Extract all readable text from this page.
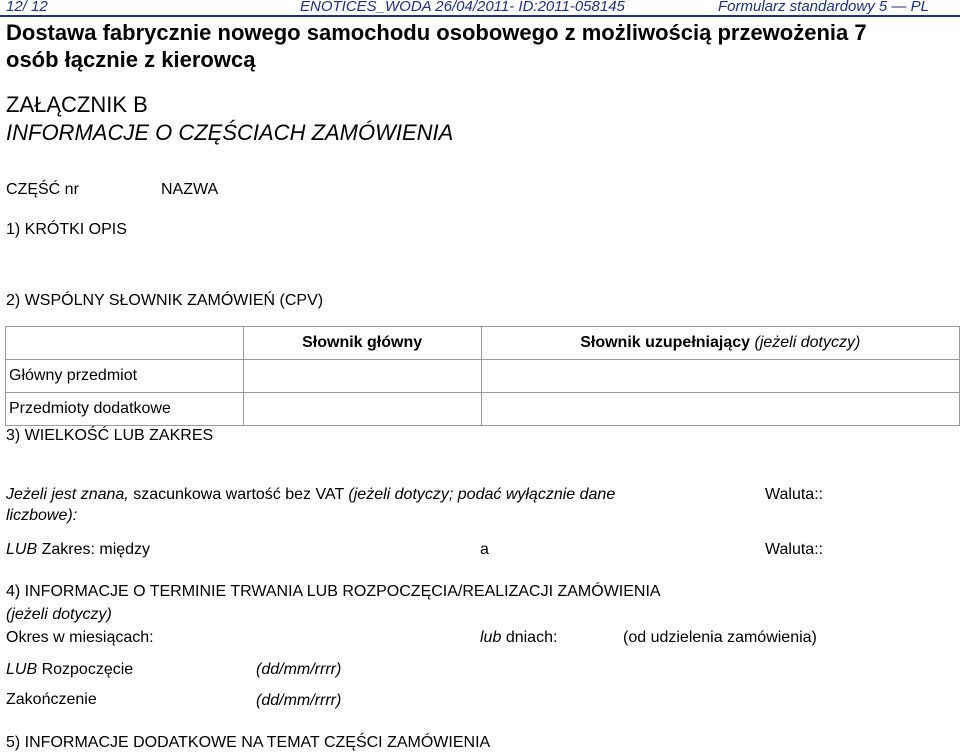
12/ 12	ENOTICES_WODA 26/04/2011- ID:2011-058145	Formularz standardowy 5 — PL
Dostawa fabrycznie nowego samochodu osobowego z możliwością przewożenia 7
osób łącznie z kierowcą
ZAŁĄCZNIK B
INFORMACJE O CZĘŚCIACH ZAMÓWIENIA
CZĘŚĆ nr	NAZWA
1) KRÓTKI OPIS
2) WSPÓLNY SŁOWNIK ZAMÓWIEŃ (CPV)
	Słownik główny	Słownik uzupełniający (jeżeli dotyczy)
Główny przedmiot		
Przedmioty dodatkowe		
3) WIELKOŚĆ LUB ZAKRES
Jeżeli jest znana, szacunkowa wartość bez VAT (jeżeli dotyczy; podać wyłącznie dane
liczbowe):
Waluta::
LUB Zakres: między	a	Waluta::
4) INFORMACJE O TERMINIE TRWANIA LUB ROZPOCZĘCIA/REALIZACJI ZAMÓWIENIA
(jeżeli dotyczy)
Okres w miesiącach:	lub dniach:	(od udzielenia zamówienia)
LUB Rozpoczęcie	(dd/mm/rrrr)
Zakończenie	(dd/mm/rrrr)
5) INFORMACJE DODATKOWE NA TEMAT CZĘŚCI ZAMÓWIENIA
